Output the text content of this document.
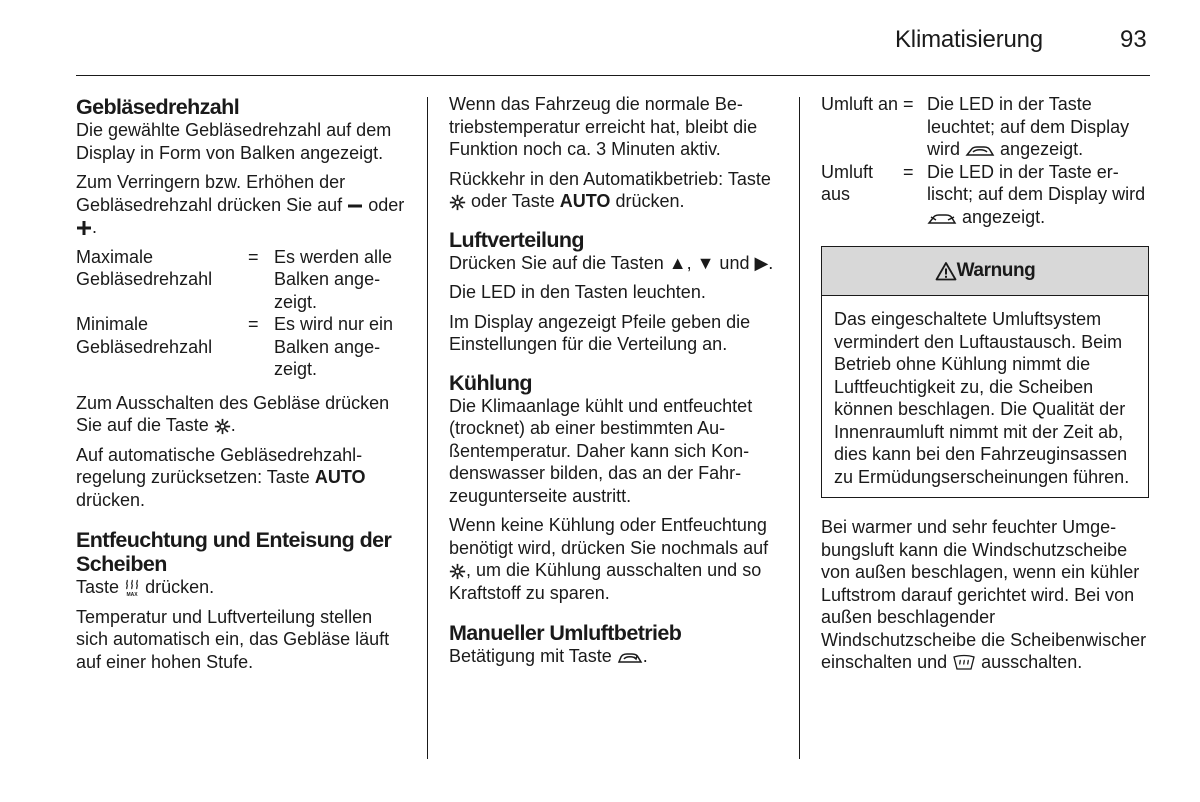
Klimatisierung	93
Gebläsedrehzahl

Die gewählte Gebläsedrehzahl auf dem Display in Form von Balken angezeigt.

Zum Verringern bzw. Erhöhen der Gebläsedrehzahl drücken Sie auf oder .

Maximale Gebläsedrehzahl
= Es werden alle Balken angezeigt.
Minimale Gebläsedrehzahl
= Es wird nur ein Balken angezeigt.

Zum Ausschalten des Gebläse drücken Sie auf die Taste .

Auf automatische Gebläsedrehzahlregelung zurücksetzen: Taste AUTO drücken.

Entfeuchtung und Enteisung der Scheiben

Taste MAX drücken.

Temperatur und Luftverteilung stellen sich automatisch ein, das Gebläse läuft auf einer hohen Stufe.

Wenn das Fahrzeug die normale Betriebstemperatur erreicht hat, bleibt die Funktion noch ca. 3 Minuten aktiv.

Rückkehr in den Automatikbetrieb: Taste  oder Taste AUTO drücken.

Luftverteilung

Drücken Sie auf die Tasten ▲, ▼ und ▶.

Die LED in den Tasten leuchten.

Im Display angezeigt Pfeile geben die Einstellungen für die Verteilung an.

Kühlung

Die Klimaanlage kühlt und entfeuchtet (trocknet) ab einer bestimmten Außentemperatur. Daher kann sich Kondenswasser bilden, das an der Fahrzeugunterseite austritt.

Wenn keine Kühlung oder Entfeuchtung benötigt wird, drücken Sie nochmals auf , um die Kühlung ausschalten und so Kraftstoff zu sparen.

Manueller Umluftbetrieb

Betätigung mit Taste .

Umluft an = Die LED in der Taste leuchtet; auf dem Display wird angezeigt.
Umluft aus
= Die LED in der Taste erlischt; auf dem Display wird  angezeigt.
Warnung
Das eingeschaltete Umluftsystem vermindert den Luftaustausch. Beim Betrieb ohne Kühlung nimmt die Luftfeuchtigkeit zu, die Scheiben können beschlagen. Die Qualität der Innenraumluft nimmt mit der Zeit ab, dies kann bei den Fahrzeuginsassen zu Ermüdungserscheinungen führen.

Bei warmer und sehr feuchter Umgebungsluft kann die Windschutzscheibe von außen beschlagen, wenn ein kühler Luftstrom darauf gerichtet wird. Bei von außen beschlagender Windschutzscheibe die Scheibenwischer einschalten und ausschalten.
